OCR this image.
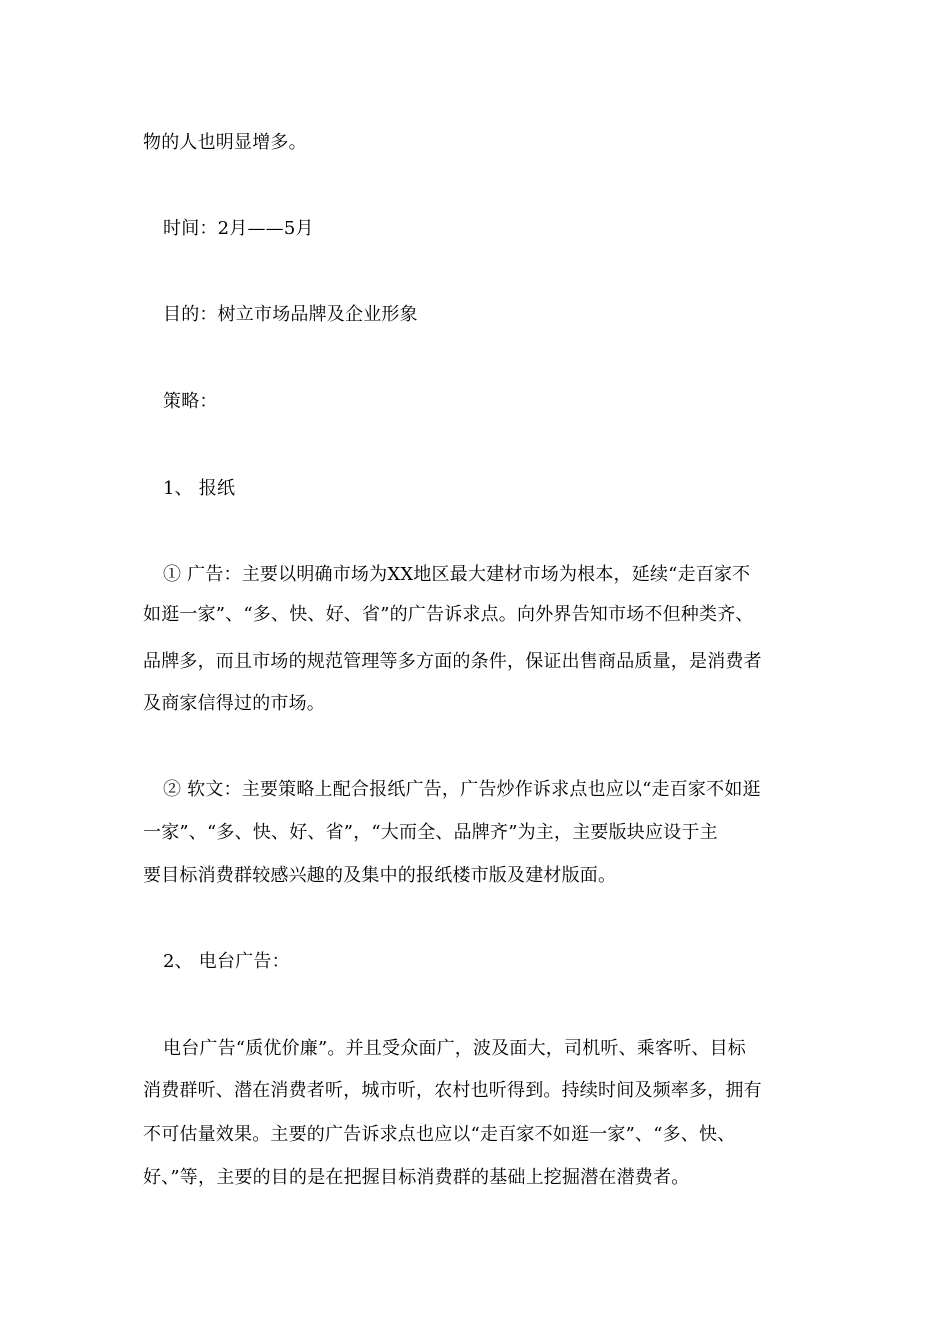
物的人也明显增多。
时间：2月——5月
目的：树立市场品牌及企业形象
策略：
1、 报纸
① 广告：主要以明确市场为XX地区最大建材市场为根本，延续“走百家不
如逛一家”、“多、快、好、省”的广告诉求点。向外界告知市场不但种类齐、
品牌多，而且市场的规范管理等多方面的条件，保证出售商品质量，是消费者
及商家信得过的市场。
② 软文：主要策略上配合报纸广告，广告炒作诉求点也应以“走百家不如逛
一家”、“多、快、好、省”，“大而全、品牌齐”为主，主要版块应设于主
要目标消费群较感兴趣的及集中的报纸楼市版及建材版面。
2、 电台广告：
电台广告“质优价廉”。并且受众面广，波及面大，司机听、乘客听、目标
消费群听、潜在消费者听，城市听，农村也听得到。持续时间及频率多，拥有
不可估量效果。主要的广告诉求点也应以“走百家不如逛一家”、“多、快、
好、”等，主要的目的是在把握目标消费群的基础上挖掘潜在潜费者。
